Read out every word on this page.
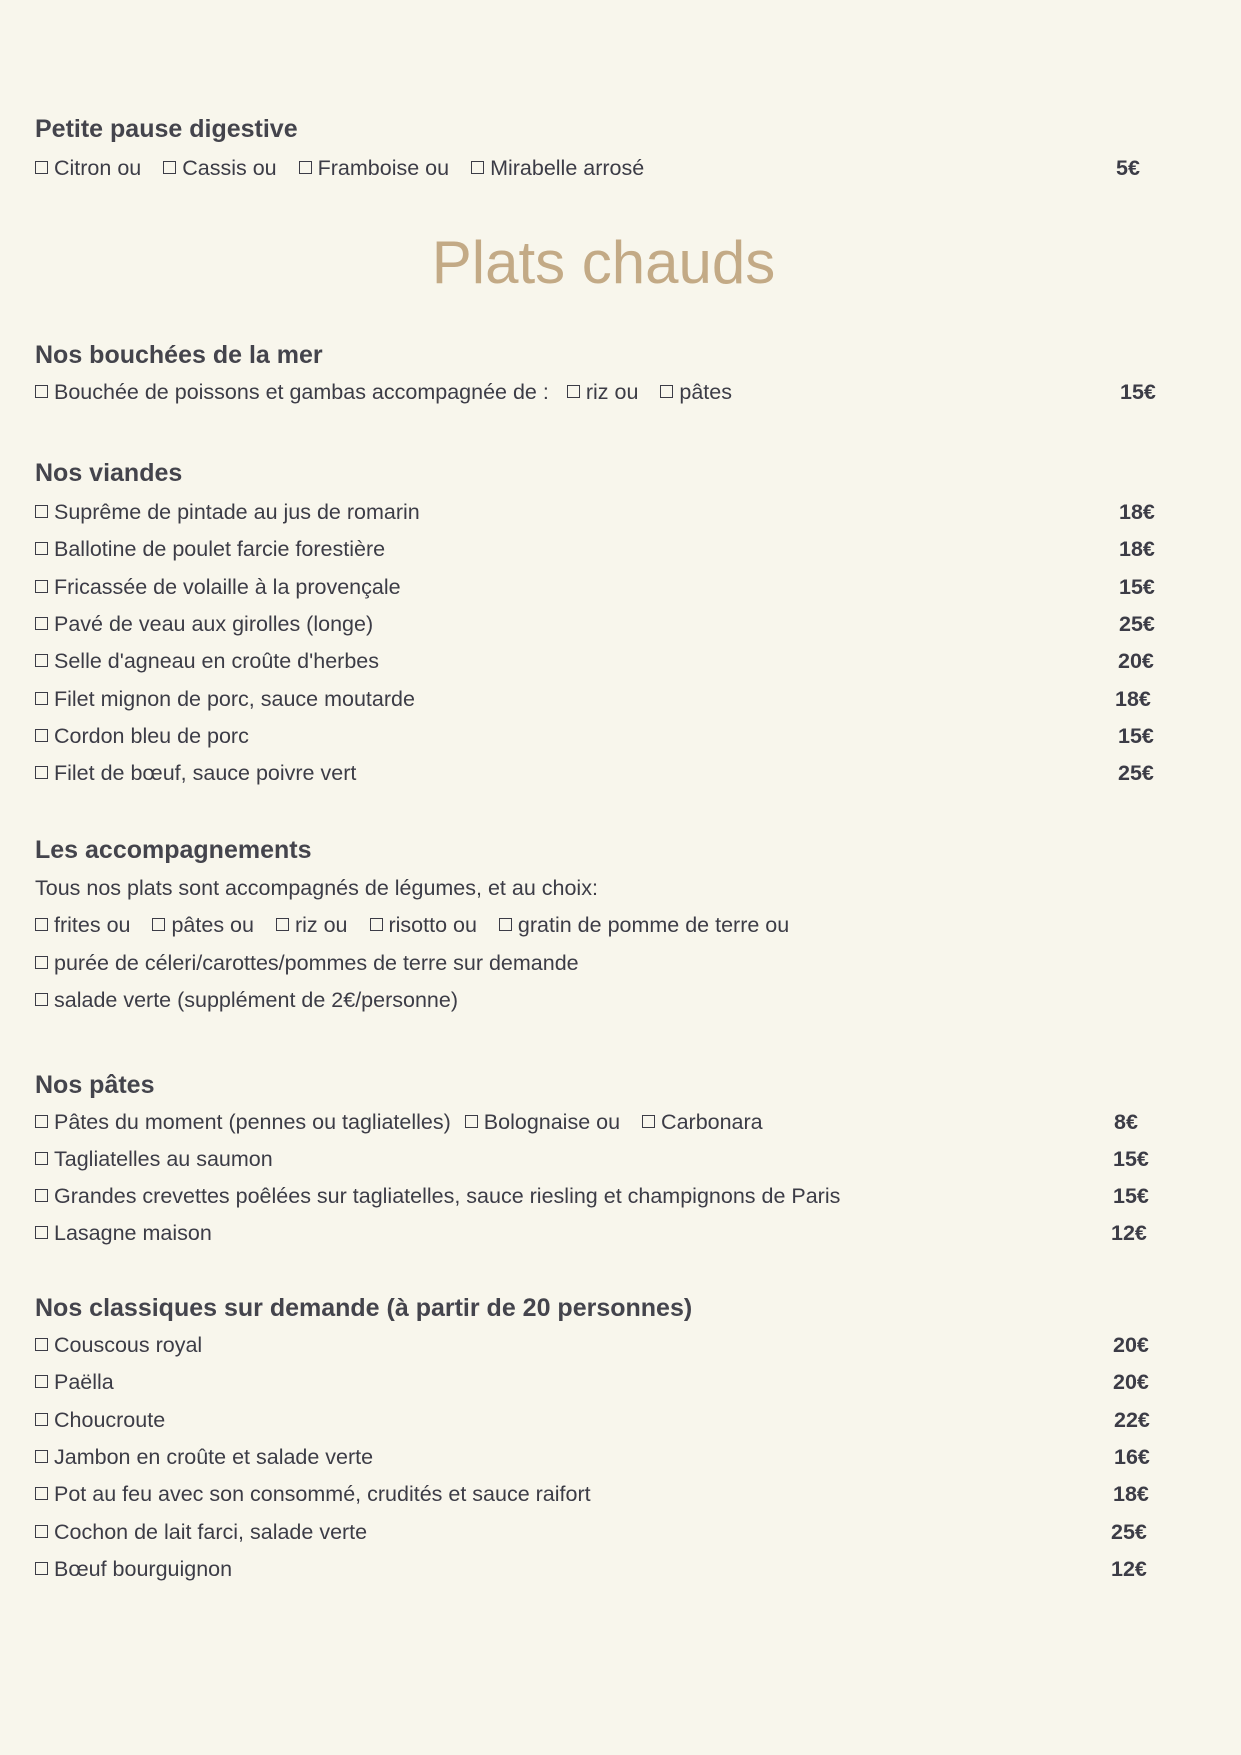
Petite pause digestive
Citron ou Cassis ou Framboise ou Mirabelle arrosé	5€
Plats chauds
Nos bouchées de la mer
Bouchée de poissons et gambas accompagnée de : riz ou pâtes	15€
Nos viandes
Suprême de pintade au jus de romarin	18€
Ballotine de poulet farcie forestière	18€
Fricassée de volaille à la provençale	15€
Pavé de veau aux girolles (longe)	25€
Selle d'agneau en croûte d'herbes	20€
Filet mignon de porc, sauce moutarde	18€
Cordon bleu de porc	15€
Filet de bœuf, sauce poivre vert	25€
Les accompagnements
Tous nos plats sont accompagnés de légumes, et au choix:
frites ou pâtes ou riz ou risotto ou gratin de pomme de terre ou
purée de céleri/carottes/pommes de terre sur demande
salade verte (supplément de 2€/personne)
Nos pâtes
Pâtes du moment (pennes ou tagliatelles) Bolognaise ou Carbonara	8€
Tagliatelles au saumon	15€
Grandes crevettes poêlées sur tagliatelles, sauce riesling et champignons de Paris	15€
Lasagne maison	12€
Nos classiques sur demande (à partir de 20 personnes)
Couscous royal	20€
Paëlla	20€
Choucroute	22€
Jambon en croûte et salade verte	16€
Pot au feu avec son consommé, crudités et sauce raifort	18€
Cochon de lait farci, salade verte	25€
Bœuf bourguignon	12€
